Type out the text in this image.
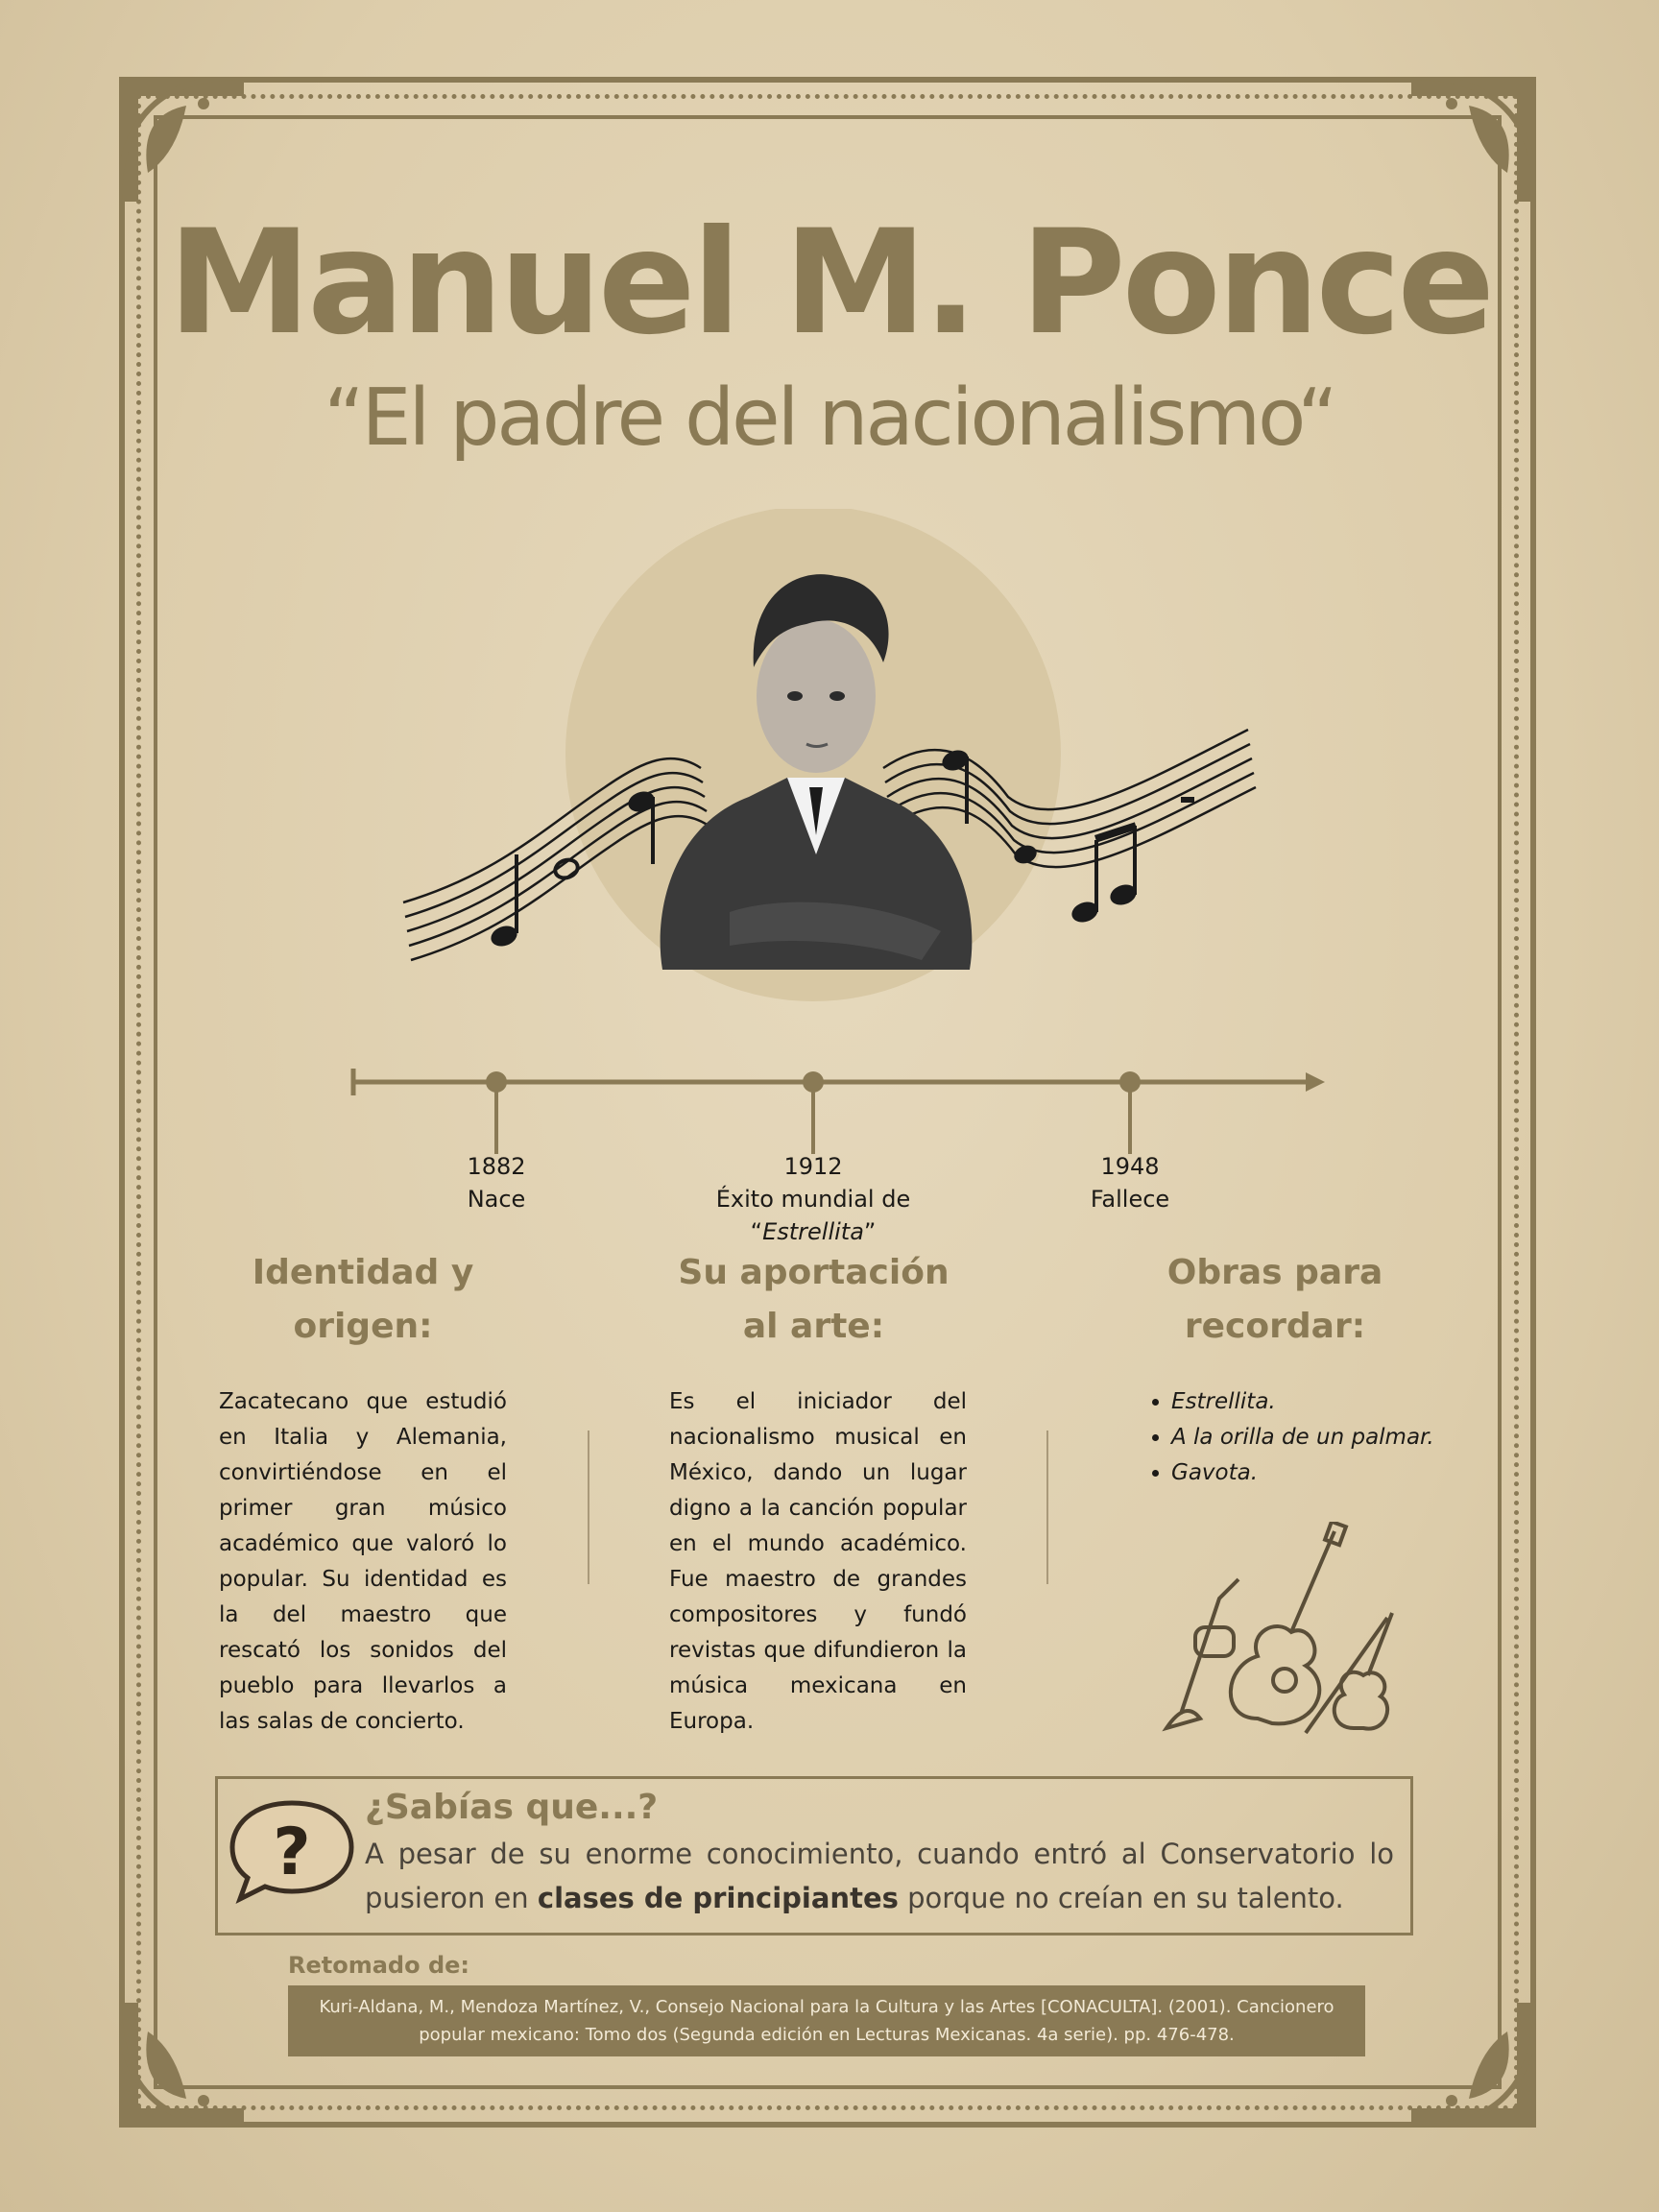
Manuel M. Ponce
“El padre del nacionalismo“
1882
Nace
1912
Éxito mundial de
“Estrellita”
1948
Fallece
Identidad y
origen:
Su aportación
al arte:
Obras para
recordar:
Zacatecano que estudió en Italia y Alemania, convirtiéndose en el primer gran músico académico que valoró lo popular. Su identidad es la del maestro que rescató los sonidos del pueblo para llevarlos a las salas de concierto.
Es el iniciador del nacionalismo musical en México, dando un lugar digno a la canción popular en el mundo académico. Fue maestro de grandes compositores y fundó revistas que difundieron la música mexicana en Europa.
• Estrellita.
• A la orilla de un palmar.
• Gavota.
?
¿Sabías que...?
A pesar de su enorme conocimiento, cuando entró al Conservatorio lo pusieron en clases de principiantes porque no creían en su talento.
Retomado de:
Kuri-Aldana, M., Mendoza Martínez, V., Consejo Nacional para la Cultura y las Artes [CONACULTA]. (2001). Cancionero popular mexicano: Tomo dos (Segunda edición en Lecturas Mexicanas. 4a serie). pp. 476-478.
